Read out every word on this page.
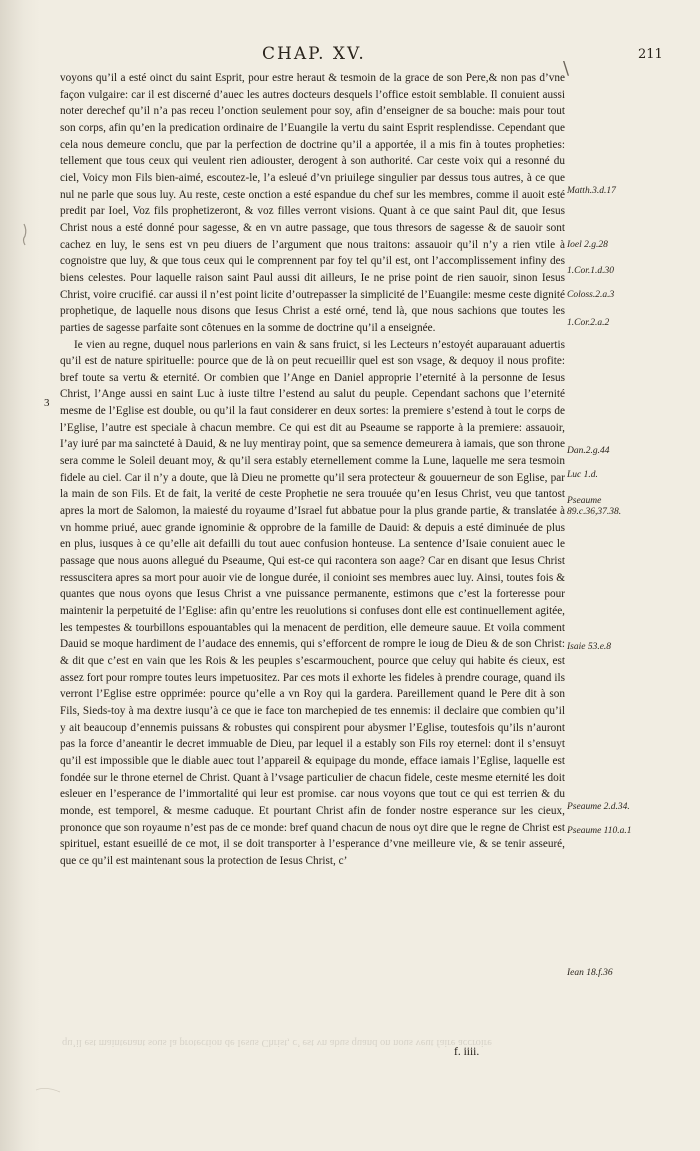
CHAP. XV.
\
211

voyons qu’il a esté oinct du saint Esprit, pour estre heraut & tesmoin de la grace de son Pere,& non pas d’vne façon vulgaire: car il est discerné d’auec les autres docteurs desquels l’office estoit semblable. Il conuient aussi noter derechef qu’il n’a pas receu l’onction seulement pour soy, afin d’enseigner de sa bouche: mais pour tout son corps, afin qu’en la predication ordinaire de l’Euangile la vertu du saint Esprit resplendisse. Cependant que cela nous demeure conclu, que par la perfection de doctrine qu’il a apportée, il a mis fin à toutes propheties: tellement que tous ceux qui veulent rien adiouster, derogent à son authorité. Car ceste voix qui a resonné du ciel, Voicy mon Fils bien-aimé, escoutez-le, l’a esleué d’vn priuilege singulier par dessus tous autres, à ce que nul ne parle que sous luy. Au reste, ceste onction a esté espandue du chef sur les membres, comme il auoit esté predit par Ioel, Voz fils prophetizeront, & voz filles verront visions. Quant à ce que saint Paul dit, que Iesus Christ nous a esté donné pour sagesse, & en vn autre passage, que tous thresors de sagesse & de sauoir sont cachez en luy, le sens est vn peu diuers de l’argument que nous traitons: assauoir qu’il n’y a rien vtile à cognoistre que luy, & que tous ceux qui le comprennent par foy tel qu’il est, ont l’accomplissement infiny des biens celestes. Pour laquelle raison saint Paul aussi dit ailleurs, Ie ne prise point de rien sauoir, sinon Iesus Christ, voire crucifié. car aussi il n’est point licite d’outrepasser la simplicité de l’Euangile: mesme ceste dignité prophetique, de laquelle nous disons que Iesus Christ a esté orné, tend là, que nous sachions que toutes les parties de sagesse parfaite sont côtenues en la somme de doctrine qu’il a enseignée.

Ie vien au regne, duquel nous parlerions en vain & sans fruict, si les Lecteurs n’estoyét auparauant aduertis qu’il est de nature spirituelle: pource que de là on peut recueillir quel est son vsage, & dequoy il nous profite: bref toute sa vertu & eternité. Or combien que l’Ange en Daniel approprie l’eternité à la personne de Iesus Christ, l’Ange aussi en saint Luc à iuste tiltre l’estend au salut du peuple. Cependant sachons que l’eternité mesme de l’Eglise est double, ou qu’il la faut considerer en deux sortes: la premiere s’estend à tout le corps de l’Eglise, l’autre est speciale à chacun membre. Ce qui est dit au Pseaume se rapporte à la premiere: assauoir, I’ay iuré par ma saincteté à Dauid, & ne luy mentiray point, que sa semence demeurera à iamais, que son throne sera comme le Soleil deuant moy, & qu’il sera estably eternellement comme la Lune, laquelle me sera tesmoin fidele au ciel. Car il n’y a doute, que là Dieu ne promette qu’il sera protecteur & gouuerneur de son Eglise, par la main de son Fils. Et de fait, la verité de ceste Prophetie ne sera trouuée qu’en Iesus Christ, veu que tantost apres la mort de Salomon, la maiesté du royaume d’Israel fut abbatue pour la plus grande partie, & translatée à vn homme priué, auec grande ignominie & opprobre de la famille de Dauid: & depuis a esté diminuée de plus en plus, iusques à ce qu’elle ait defailli du tout auec confusion honteuse. La sentence d’Isaie conuient auec le passage que nous auons allegué du Pseaume, Qui est-ce qui racontera son aage? Car en disant que Iesus Christ ressuscitera apres sa mort pour auoir vie de longue durée, il conioint ses membres auec luy. Ainsi, toutes fois & quantes que nous oyons que Iesus Christ a vne puissance permanente, estimons que c’est la forteresse pour maintenir la perpetuité de l’Eglise: afin qu’entre les reuolutions si confuses dont elle est continuellement agitée, les tempestes & tourbillons espouantables qui la menacent de perdition, elle demeure sauue. Et voila comment Dauid se moque hardiment de l’audace des ennemis, qui s’efforcent de rompre le ioug de Dieu & de son Christ: & dit que c’est en vain que les Rois & les peuples s’escarmouchent, pource que celuy qui habite és cieux, est assez fort pour rompre toutes leurs impetuositez. Par ces mots il exhorte les fideles à prendre courage, quand ils verront l’Eglise estre opprimée: pource qu’elle a vn Roy qui la gardera. Pareillement quand le Pere dit à son Fils, Sieds-toy à ma dextre iusqu’à ce que ie face ton marchepied de tes ennemis: il declaire que combien qu’il y ait beaucoup d’ennemis puissans & robustes qui conspirent pour abysmer l’Eglise, toutesfois qu’ils n’auront pas la force d’aneantir le decret immuable de Dieu, par lequel il a estably son Fils roy eternel: dont il s’ensuyt qu’il est impossible que le diable auec tout l’appareil & equipage du monde, efface iamais l’Eglise, laquelle est fondée sur le throne eternel de Christ. Quant à l’vsage particulier de chacun fidele, ceste mesme eternité les doit esleuer en l’esperance de l’immortalité qui leur est promise. car nous voyons que tout ce qui est terrien & du monde, est temporel, & mesme caduque. Et pourtant Christ afin de fonder nostre esperance sur les cieux, prononce que son royaume n’est pas de ce monde: bref quand chacun de nous oyt dire que le regne de Christ est spirituel, estant esueillé de ce mot, il se doit transporter à l’esperance d’vne meilleure vie, & se tenir asseuré, que ce qu’il est maintenant sous la protection de Iesus Christ, c’

3
Matth.3.d.17
Ioel 2.g.28
1.Cor.1.d.30
Coloss.2.a.3
1.Cor.2.a.2
Dan.2.g.44
Luc 1.d.
Pseaume 89.c.36,37.38.
Isaie 53.e.8
Pseaume 2.d.34.
Pseaume 110.a.1
Iean 18.f.36
qu’il est maintenant sous la protection de Iesus Christ, c’ est vn abus quand on nous veut faire accroire
f. iiii.
